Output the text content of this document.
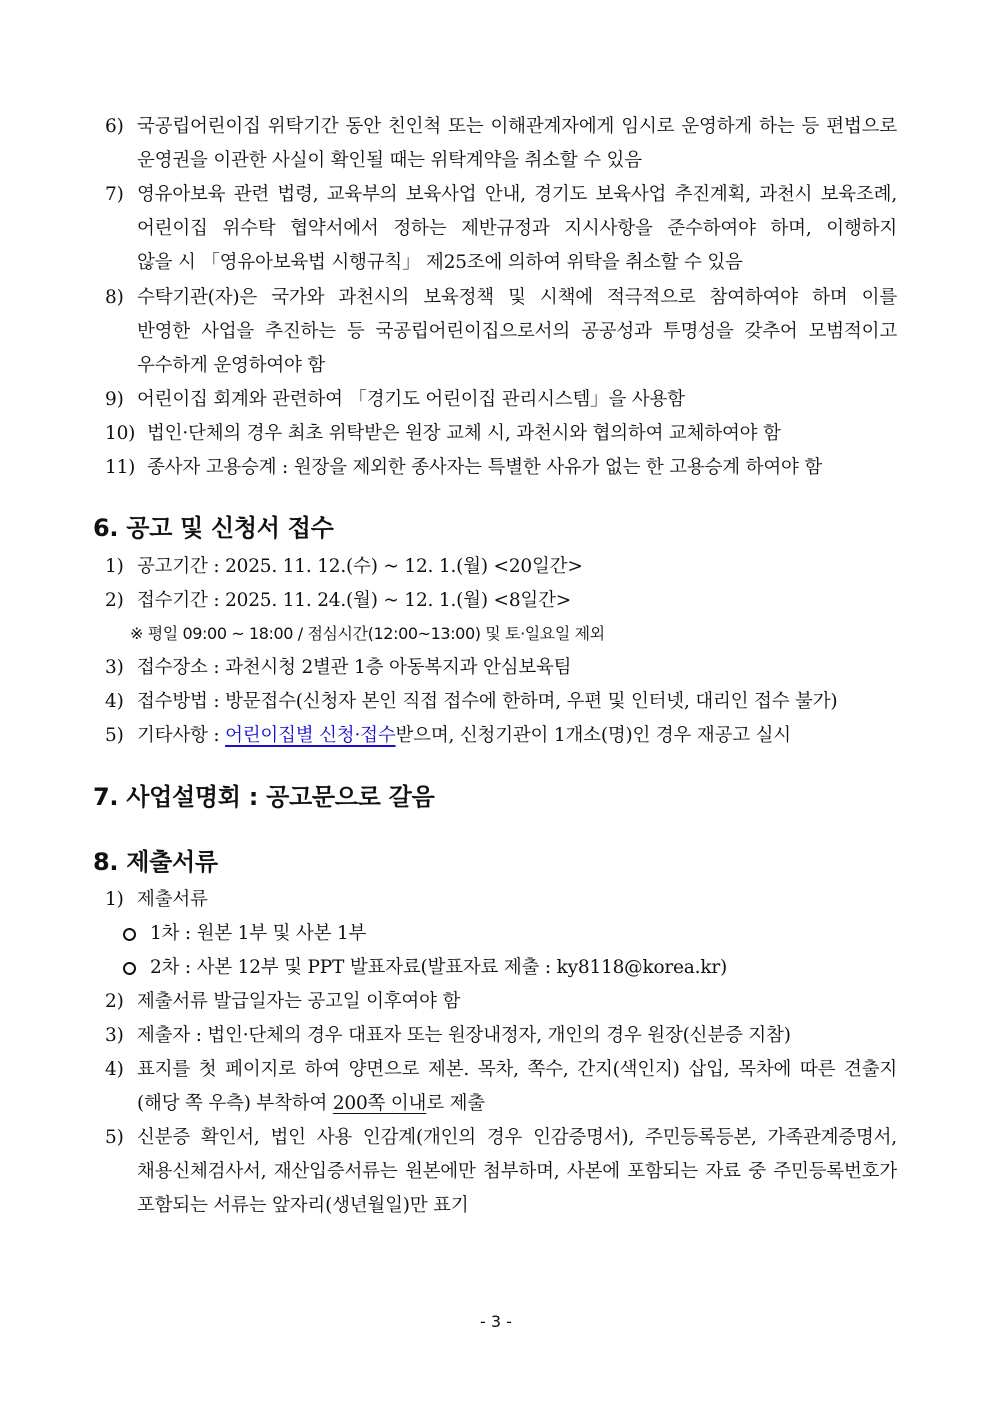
6) 국공립어린이집 위탁기간 동안 친인척 또는 이해관계자에게 임시로 운영하게 하는 등 편법으로
운영권을 이관한 사실이 확인될 때는 위탁계약을 취소할 수 있음
7) 영유아보육 관련 법령, 교육부의 보육사업 안내, 경기도 보육사업 추진계획, 과천시 보육조례,
어린이집 위수탁 협약서에서 정하는 제반규정과 지시사항을 준수하여야 하며, 이행하지
않을 시 「영유아보육법 시행규칙」 제25조에 의하여 위탁을 취소할 수 있음
8) 수탁기관(자)은 국가와 과천시의 보육정책 및 시책에 적극적으로 참여하여야 하며 이를
반영한 사업을 추진하는 등 국공립어린이집으로서의 공공성과 투명성을 갖추어 모범적이고
우수하게 운영하여야 함
9) 어린이집 회계와 관련하여 「경기도 어린이집 관리시스템」을 사용함
10) 법인·단체의 경우 최초 위탁받은 원장 교체 시, 과천시와 협의하여 교체하여야 함
11) 종사자 고용승계 : 원장을 제외한 종사자는 특별한 사유가 없는 한 고용승계 하여야 함
6. 공고 및 신청서 접수
1) 공고기간 : 2025. 11. 12.(수) ~ 12. 1.(월) <20일간>
2) 접수기간 : 2025. 11. 24.(월) ~ 12. 1.(월) <8일간>
※ 평일 09:00 ~ 18:00 / 점심시간(12:00~13:00) 및 토·일요일 제외
3) 접수장소 : 과천시청 2별관 1층 아동복지과 안심보육팀
4) 접수방법 : 방문접수(신청자 본인 직접 접수에 한하며, 우편 및 인터넷, 대리인 접수 불가)
5) 기타사항 : 어린이집별 신청·접수받으며, 신청기관이 1개소(명)인 경우 재공고 실시
7. 사업설명회 : 공고문으로 갈음
8. 제출서류
1) 제출서류
1차 : 원본 1부 및 사본 1부
2차 : 사본 12부 및 PPT 발표자료(발표자료 제출 : ky8118@korea.kr)
2) 제출서류 발급일자는 공고일 이후여야 함
3) 제출자 : 법인·단체의 경우 대표자 또는 원장내정자, 개인의 경우 원장(신분증 지참)
4) 표지를 첫 페이지로 하여 양면으로 제본. 목차, 쪽수, 간지(색인지) 삽입, 목차에 따른 견출지
(해당 쪽 우측) 부착하여 200쪽 이내로 제출
5) 신분증 확인서, 법인 사용 인감계(개인의 경우 인감증명서), 주민등록등본, 가족관계증명서,
채용신체검사서, 재산입증서류는 원본에만 첨부하며, 사본에 포함되는 자료 중 주민등록번호가
포함되는 서류는 앞자리(생년월일)만 표기
- 3 -
